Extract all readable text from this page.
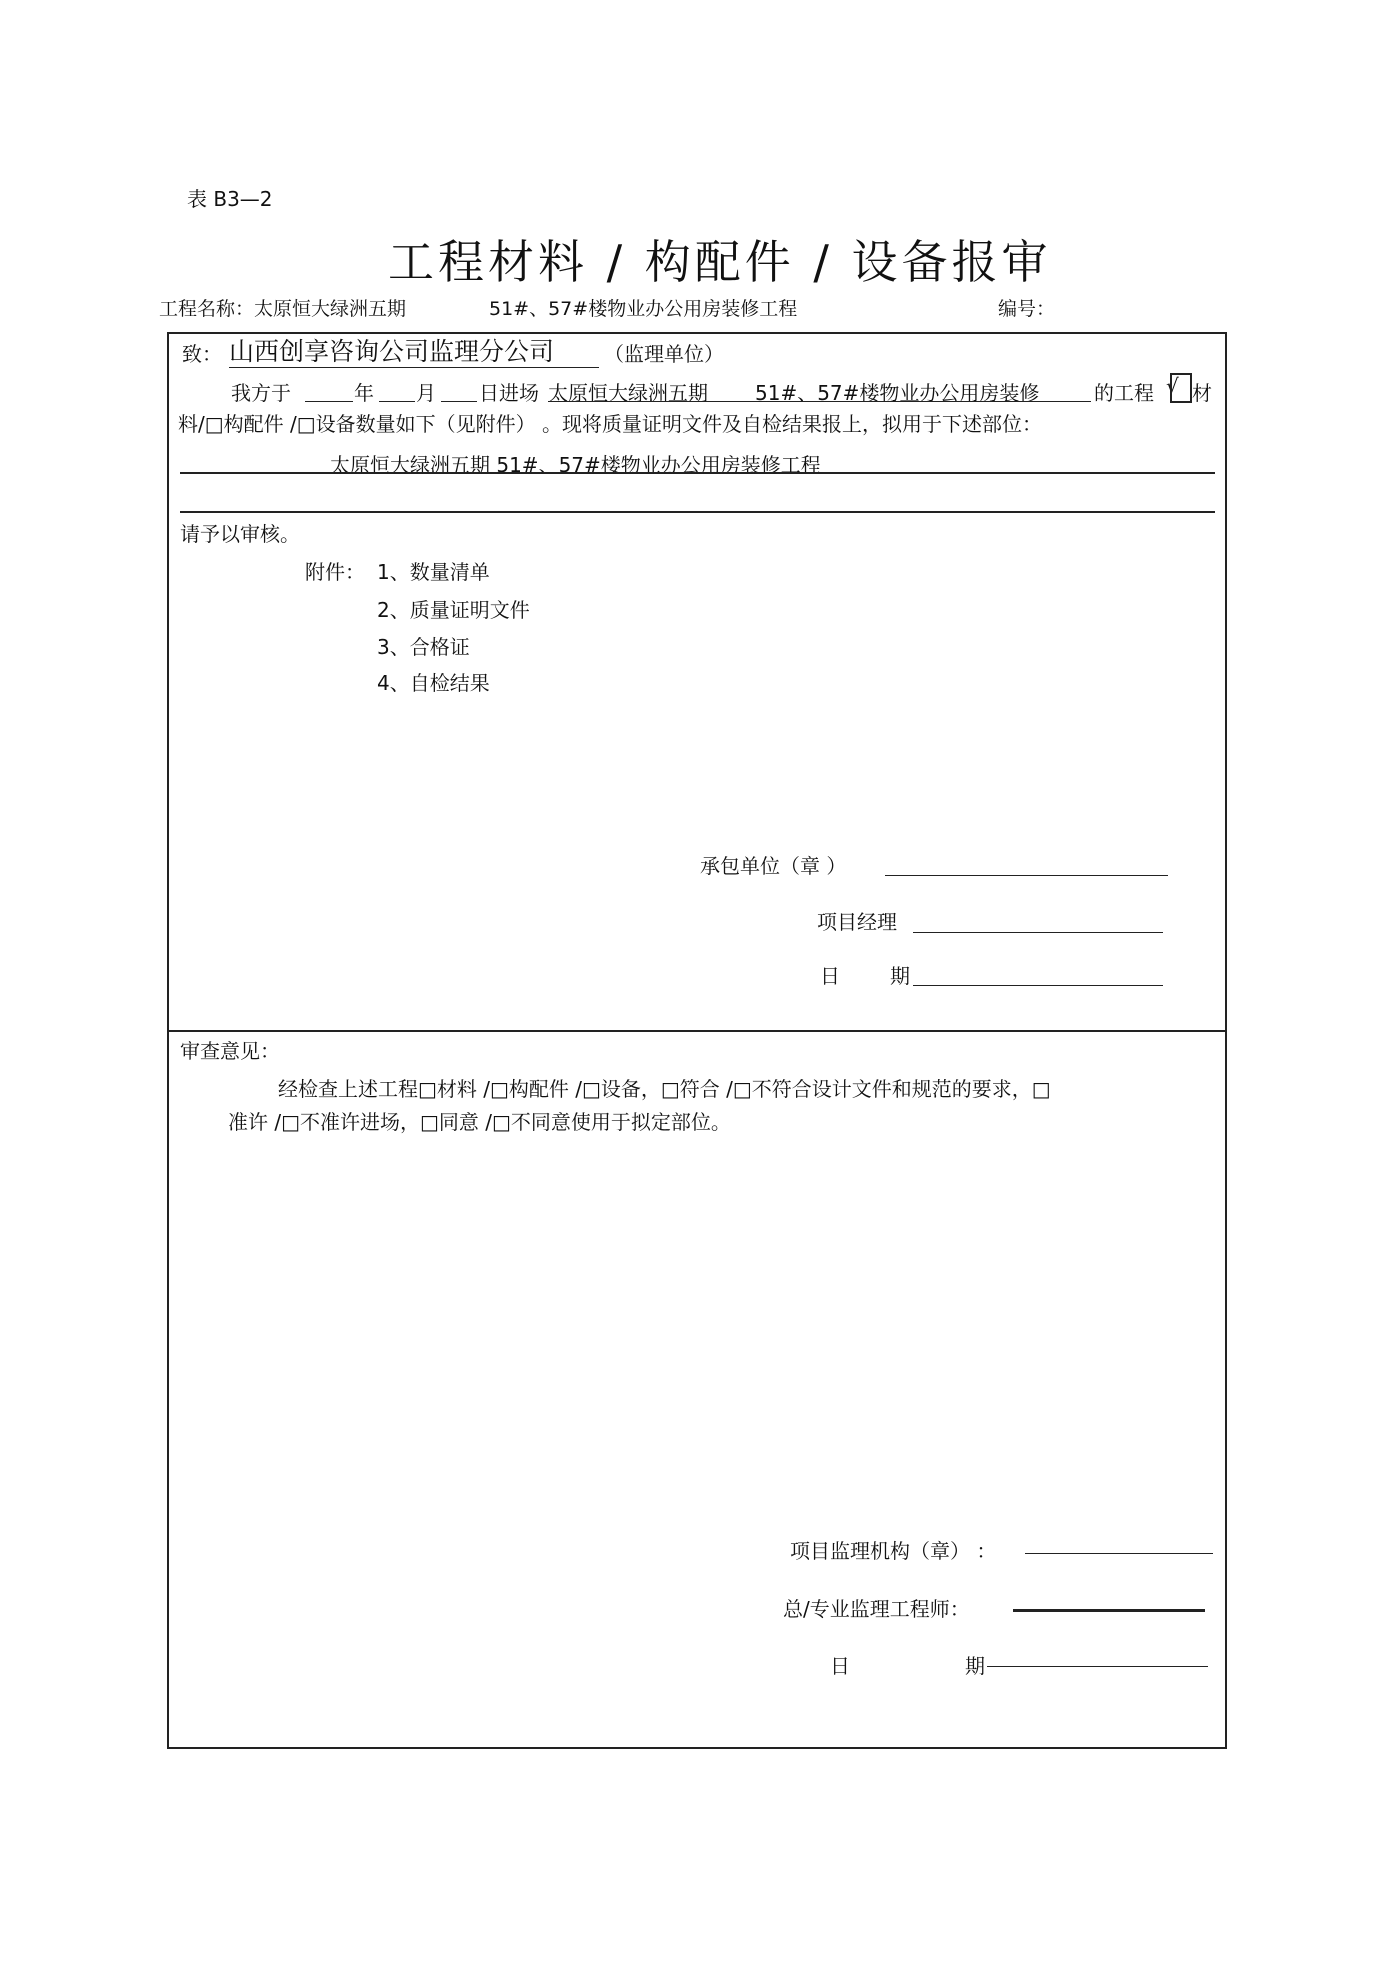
表 B3—2
工程材料 / 构配件 / 设备报审
工程名称：太原恒大绿洲五期	51#、57#楼物业办公用房装修工程	编号：
致： 山西创享咨询公司监理分公司 （监理单位）
我方于	年 月 日进场 太原恒大绿洲五期 51#、57#楼物业办公用房装修	的工程 √ 材
料/□构配件 /□设备数量如下（见附件） 。现将质量证明文件及自检结果报上，拟用于下述部位：
太原恒大绿洲五期 51#、57#楼物业办公用房装修工程
请予以审核。
附件： 1、数量清单
2、质量证明文件
3、合格证
4、自检结果
承包单位（章 ）
项目经理
日	期
审查意见：
经检查上述工程□材料 /□构配件 /□设备，□符合 /□不符合设计文件和规范的要求，□
准许 /□不准许进场，□同意 /□不同意使用于拟定部位。
项目监理机构（章） ：
总/专业监理工程师：
日	期
